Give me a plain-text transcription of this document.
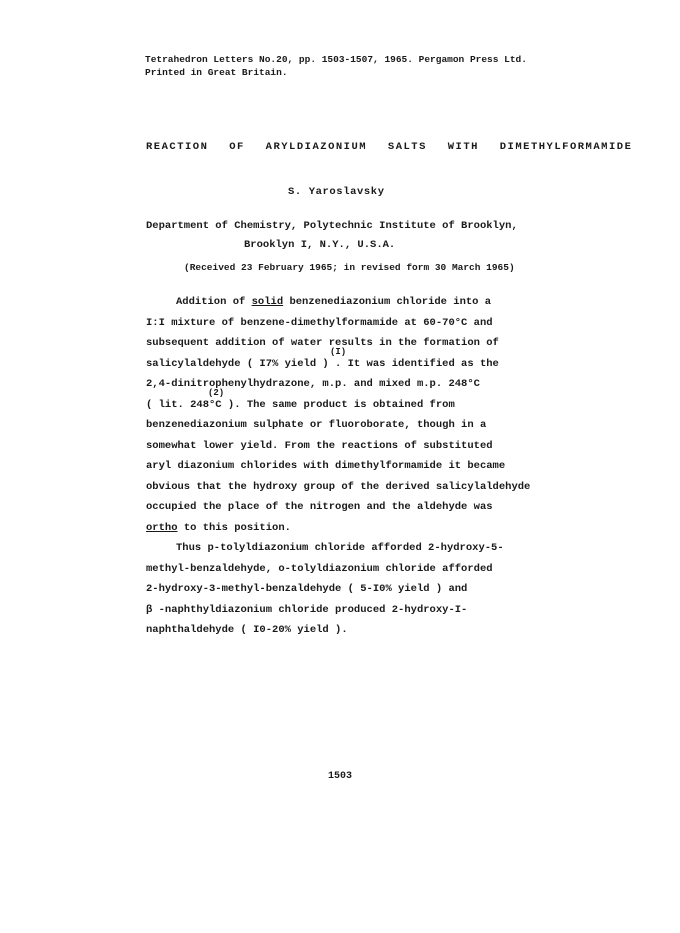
Tetrahedron Letters No.20, pp. 1503-1507, 1965. Pergamon Press Ltd.
Printed in Great Britain.
REACTION OF ARYLDIAZONIUM SALTS WITH DIMETHYLFORMAMIDE
S. Yaroslavsky
Department of Chemistry, Polytechnic Institute of Brooklyn,
Brooklyn I, N.Y., U.S.A.
(Received 23 February 1965; in revised form 30 March 1965)
Addition of solid benzenediazonium chloride into a
I:I mixture of benzene-dimethylformamide at 60-70°C and
subsequent addition of water results in the formation of
salicylaldehyde ( I7% yield ) . It was identified as the
(I)
2,4-dinitrophenylhydrazone, m.p. and mixed m.p. 248°C
( lit. 248°C ). The same product is obtained from
(2)
benzenediazonium sulphate or fluoroborate, though in a
somewhat lower yield. From the reactions of substituted
aryl diazonium chlorides with dimethylformamide it became
obvious that the hydroxy group of the derived salicylaldehyde
occupied the place of the nitrogen and the aldehyde was
ortho to this position.
Thus p-tolyldiazonium chloride afforded 2-hydroxy-5-
methyl-benzaldehyde, o-tolyldiazonium chloride afforded
2-hydroxy-3-methyl-benzaldehyde ( 5-I0% yield ) and
β -naphthyldiazonium chloride produced 2-hydroxy-I-
naphthaldehyde ( I0-20% yield ).
1503
